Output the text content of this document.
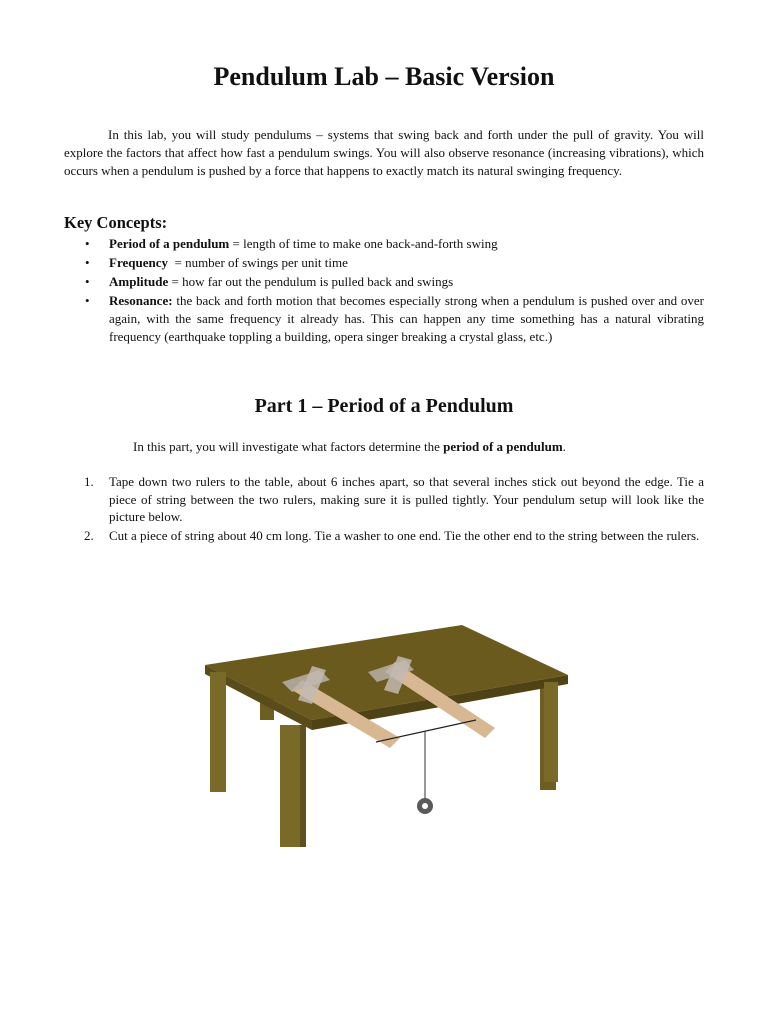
Pendulum Lab – Basic Version

In this lab, you will study pendulums – systems that swing back and forth under the pull of gravity. You will explore the factors that affect how fast a pendulum swings. You will also observe resonance (increasing vibrations), which occurs when a pendulum is pushed by a force that happens to exactly match its natural swinging frequency.

Key Concepts:
• Period of a pendulum = length of time to make one back-and-forth swing
• Frequency  = number of swings per unit time
• Amplitude = how far out the pendulum is pulled back and swings
• Resonance: the back and forth motion that becomes especially strong when a pendulum is pushed over and over again, with the same frequency it already has. This can happen any time something has a natural vibrating frequency (earthquake toppling a building, opera singer breaking a crystal glass, etc.)
Part 1 – Period of a Pendulum

In this part, you will investigate what factors determine the period of a pendulum.

1. Tape down two rulers to the table, about 6 inches apart, so that several inches stick out beyond the edge. Tie a piece of string between the two rulers, making sure it is pulled tightly. Your pendulum setup will look like the picture below.
2. Cut a piece of string about 40 cm long. Tie a washer to one end. Tie the other end to the string between the rulers.
